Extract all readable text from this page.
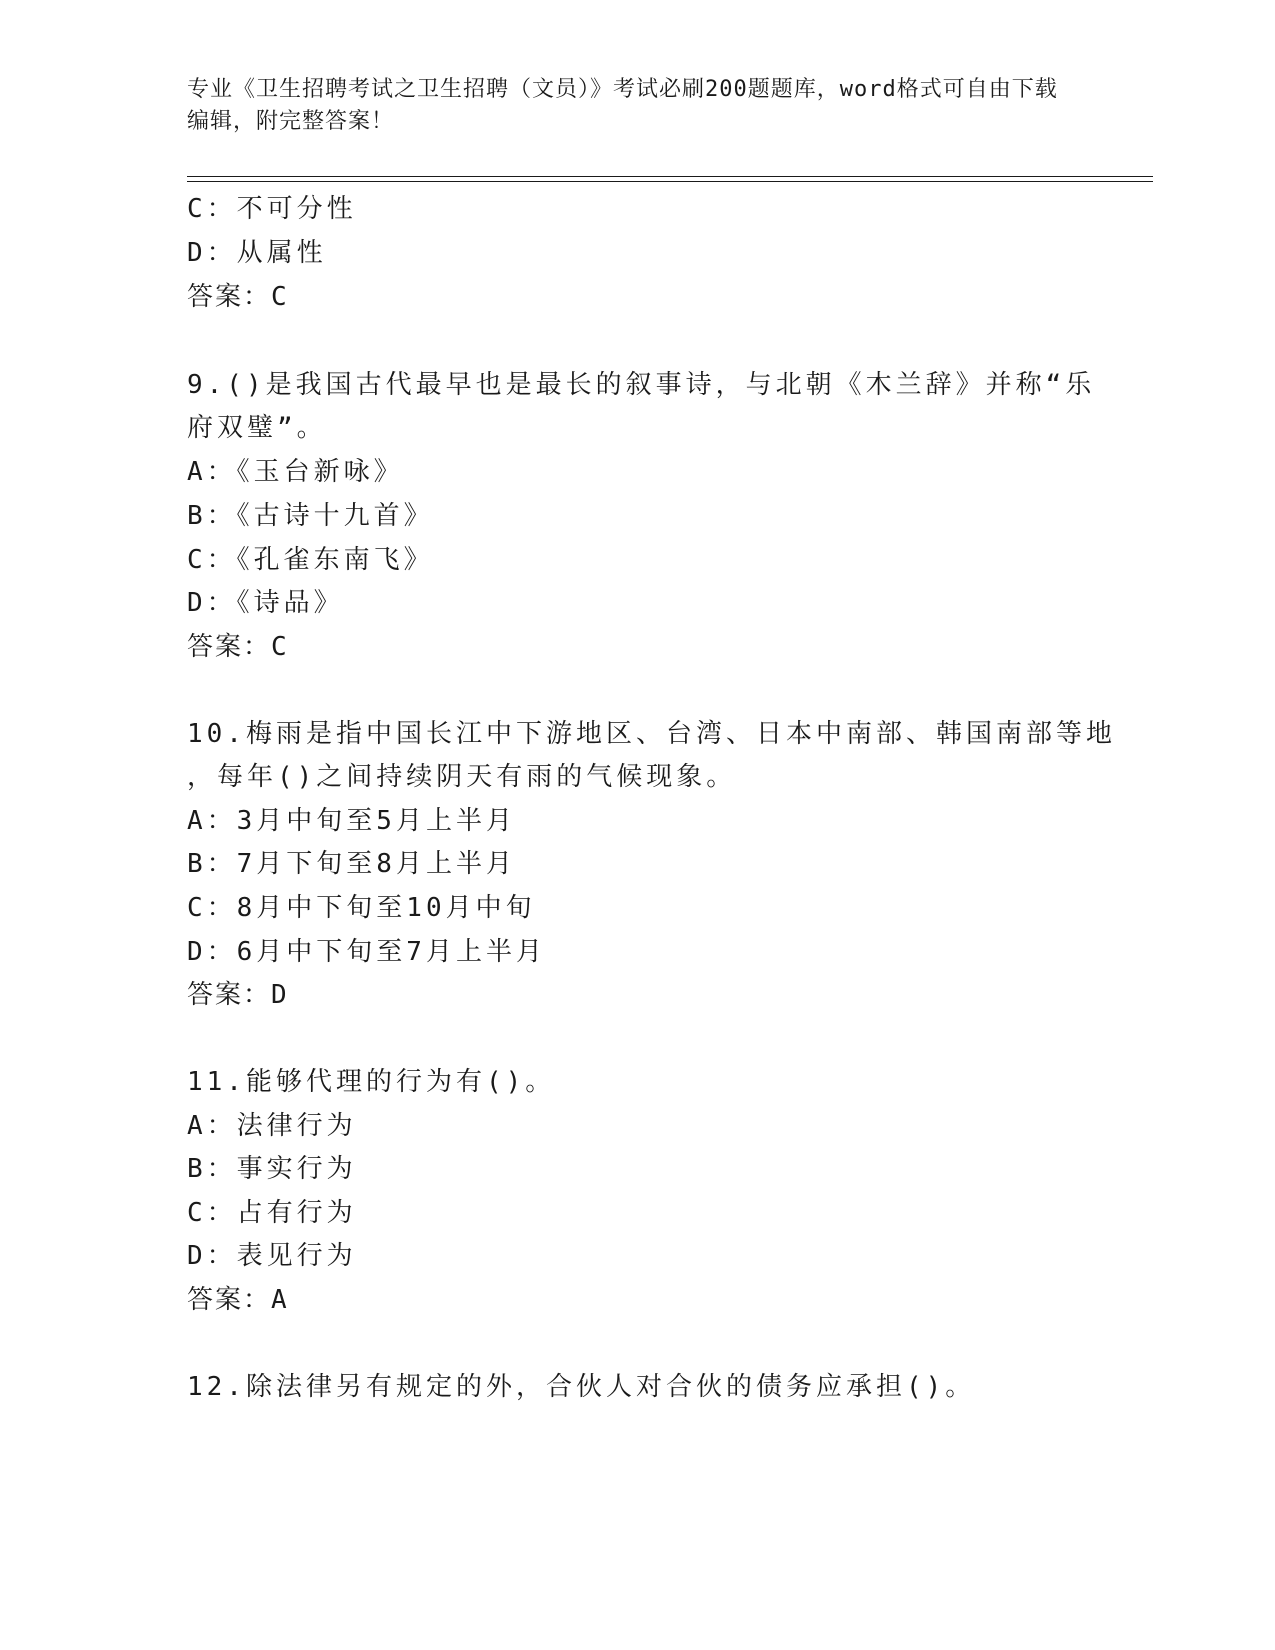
专业《卫生招聘考试之卫生招聘（文员）》考试必刷200题题库，word格式可自由下载编辑，附完整答案！
C：不可分性
D：从属性
答案：C
9.()是我国古代最早也是最长的叙事诗，与北朝《木兰辞》并称“乐
府双璧”。
A：《玉台新咏》
B：《古诗十九首》
C：《孔雀东南飞》
D：《诗品》
答案：C
10.梅雨是指中国长江中下游地区、台湾、日本中南部、韩国南部等地
，每年()之间持续阴天有雨的气候现象。
A：3月中旬至5月上半月
B：7月下旬至8月上半月
C：8月中下旬至10月中旬
D：6月中下旬至7月上半月
答案：D
11.能够代理的行为有()。
A：法律行为
B：事实行为
C：占有行为
D：表见行为
答案：A
12.除法律另有规定的外，合伙人对合伙的债务应承担()。
